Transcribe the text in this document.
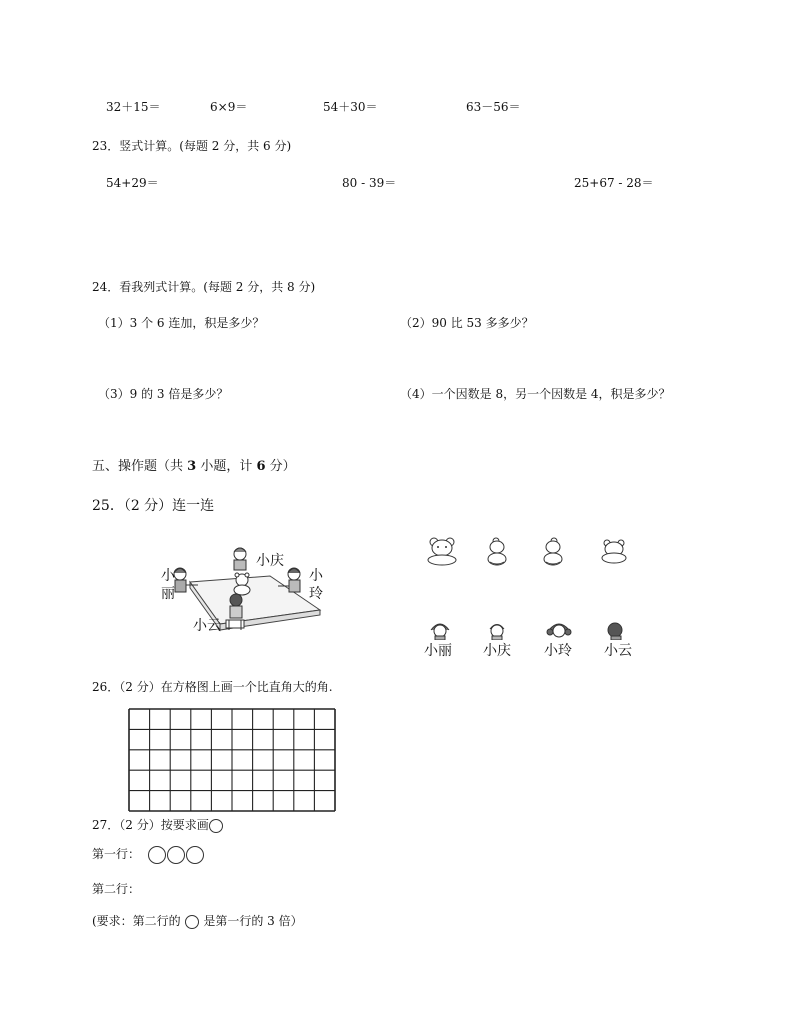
32＋15＝	6×9＝	54＋30＝	63－56＝
23．竖式计算。(每题 2 分，共 6 分)
54+29＝	80 - 39＝	25+67 - 28＝
24．看我列式计算。(每题 2 分，共 8 分)
（1）3 个 6 连加，积是多少？	（2）90 比 53 多多少？
（3）9 的 3 倍是多少？	（4）一个因数是 8，另一个因数是 4，积是多少？
五、操作题（共 3 小题，计 6 分）
25．（2 分）连一连
小庆
小
丽
小
玲
小云
小丽 小庆 小玲 小云
26．（2 分）在方格图上画一个比直角大的角.
27．（2 分）按要求画
第一行：
第二行：
(要求：第二行的  是第一行的 3 倍）
